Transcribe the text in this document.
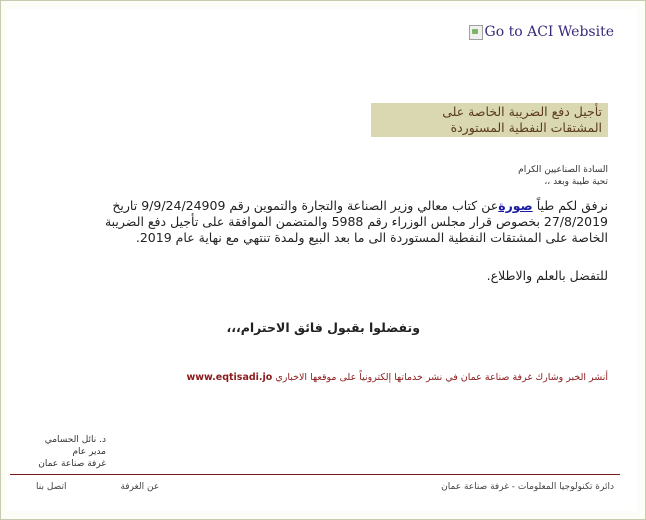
Go to ACI Website
تأجيل دفع الضريبة الخاصة على
المشتقات النفطية المستوردة
السادة الصناعيين الكرام
تحية طيبة وبعد ،،
نرفق لكم طياً صورةعن كتاب معالي وزير الصناعة والتجارة والتموين رقم 9/9/24/24909 تاريخ 27/8/2019 بخصوص قرار مجلس الوزراء رقم 5988 والمتضمن الموافقة على تأجيل دفع الضريبة الخاصة على المشتقات النفطية المستوردة الى ما بعد البيع ولمدة تنتهي مع نهاية عام 2019.
للتفضل بالعلم والاطلاع.
وتفضلوا بقبول فائق الاحترام،،،
أنشر الخبر وشارك غرفة صناعة عمان في نشر خدماتها إلكترونياً على موقعها الاخباري www.eqtisadi.jo
د. نائل الحسامي
مدير عام
غرفة صناعة عمان
دائرة تكنولوجيا المعلومات - غرفة صناعة عمان
عن الغرفة
اتصل بنا
